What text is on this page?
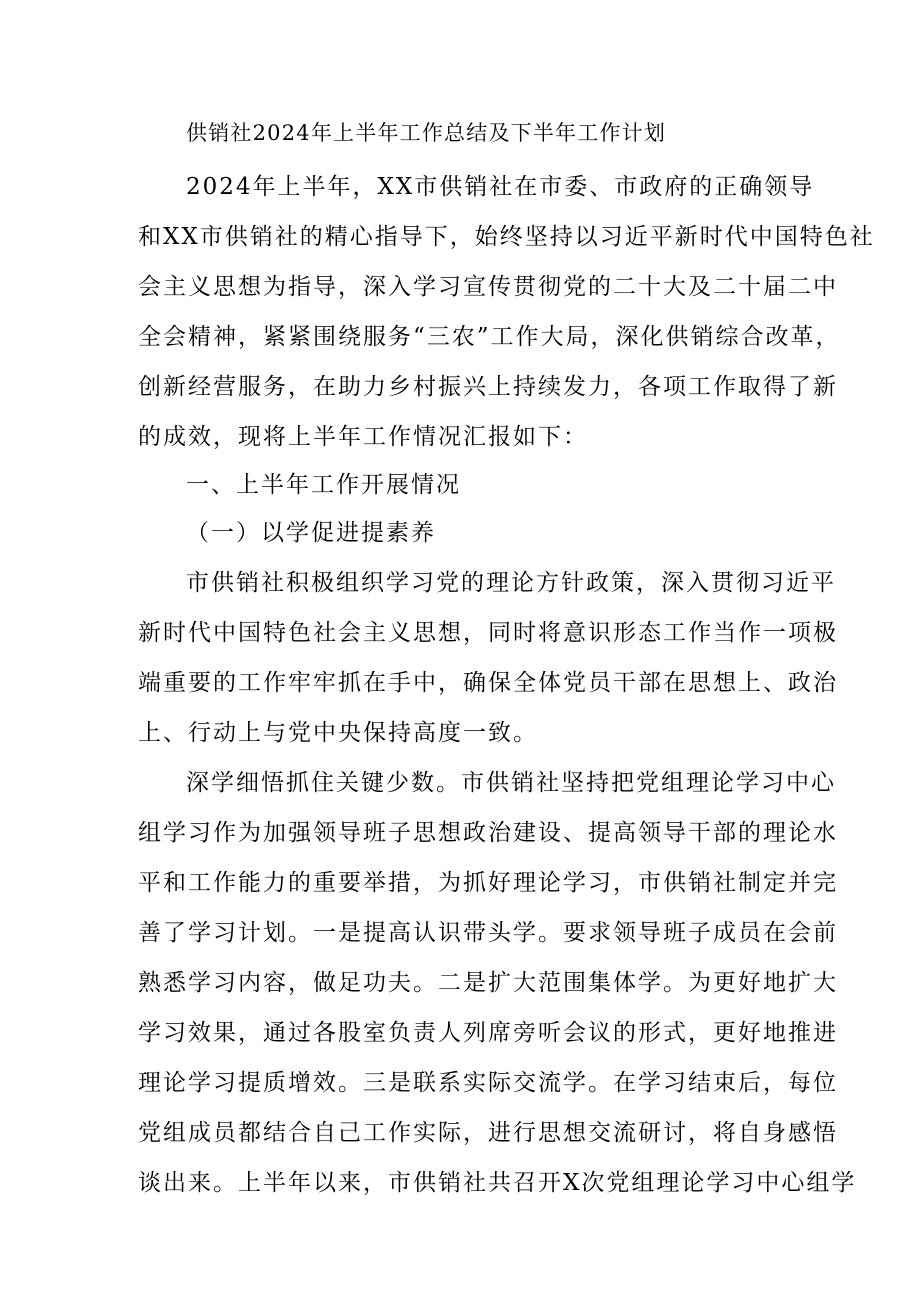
供销社2024年上半年工作总结及下半年工作计划
2024年上半年，XX市供销社在市委、市政府的正确领导
和XX市供销社的精心指导下，始终坚持以习近平新时代中国特色社
会主义思想为指导，深入学习宣传贯彻党的二十大及二十届二中
全会精神，紧紧围绕服务“三农”工作大局，深化供销综合改革，
创新经营服务，在助力乡村振兴上持续发力，各项工作取得了新
的成效，现将上半年工作情况汇报如下：
一、上半年工作开展情况
（一）以学促进提素养
市供销社积极组织学习党的理论方针政策，深入贯彻习近平
新时代中国特色社会主义思想，同时将意识形态工作当作一项极
端重要的工作牢牢抓在手中，确保全体党员干部在思想上、政治
上、行动上与党中央保持高度一致。
深学细悟抓住关键少数。市供销社坚持把党组理论学习中心
组学习作为加强领导班子思想政治建设、提高领导干部的理论水
平和工作能力的重要举措，为抓好理论学习，市供销社制定并完
善了学习计划。一是提高认识带头学。要求领导班子成员在会前
熟悉学习内容，做足功夫。二是扩大范围集体学。为更好地扩大
学习效果，通过各股室负责人列席旁听会议的形式，更好地推进
理论学习提质增效。三是联系实际交流学。在学习结束后，每位
党组成员都结合自己工作实际，进行思想交流研讨，将自身感悟
谈出来。上半年以来，市供销社共召开X次党组理论学习中心组学
